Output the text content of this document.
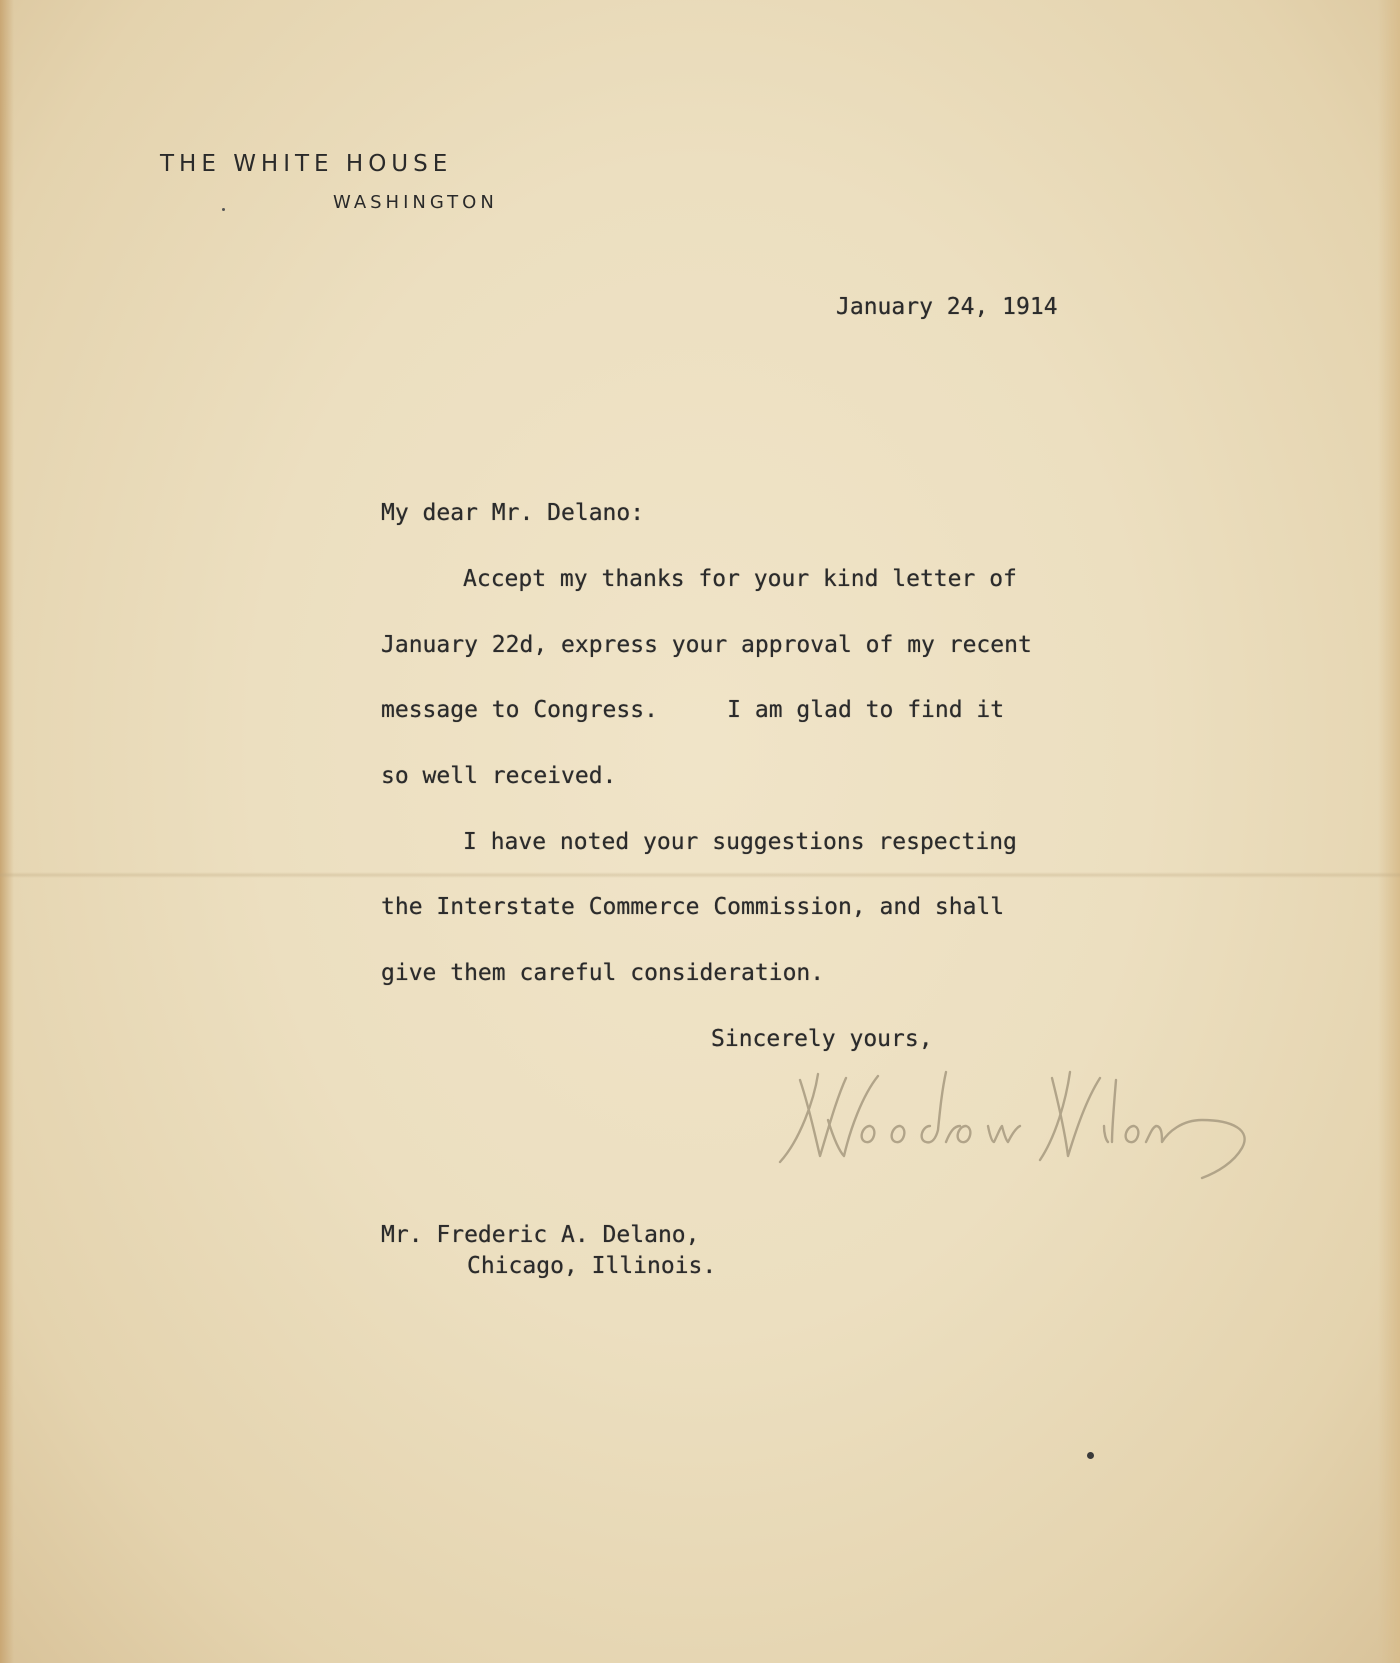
THE WHITE HOUSE
WASHINGTON
January 24, 1914
My dear Mr. Delano:
Accept my thanks for your kind letter of
January 22d, express your approval of my recent
message to Congress.     I am glad to find it
so well received.
I have noted your suggestions respecting
the Interstate Commerce Commission, and shall
give them careful consideration.
Sincerely yours,
Mr. Frederic A. Delano,
Chicago, Illinois.
